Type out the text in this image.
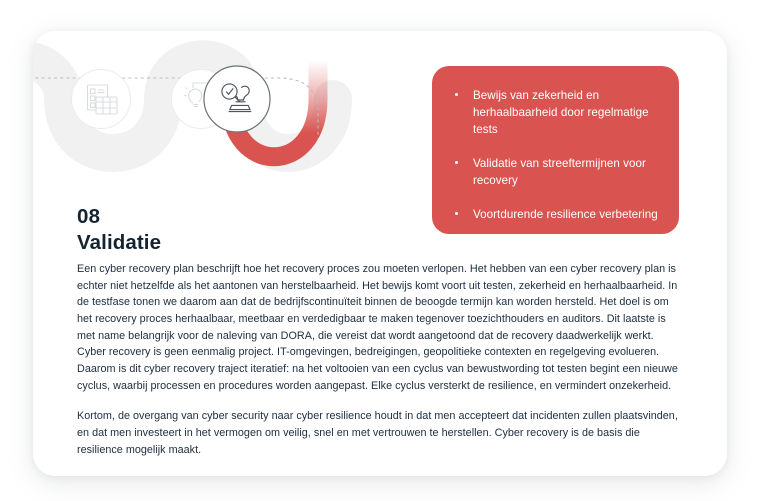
Bewijs van zekerheid en herhaalbaarheid door regelmatige tests
Validatie van streeftermijnen voor recovery
Voortdurende resilience verbetering
08
Validatie

Een cyber recovery plan beschrijft hoe het recovery proces zou moeten verlopen. Het hebben van een cyber recovery plan is echter niet hetzelfde als het aantonen van herstelbaarheid. Het bewijs komt voort uit testen, zekerheid en herhaalbaarheid. In de testfase tonen we daarom aan dat de bedrijfscontinuïteit binnen de beoogde termijn kan worden hersteld. Het doel is om het recovery proces herhaalbaar, meetbaar en verdedigbaar te maken tegenover toezichthouders en auditors. Dit laatste is met name belangrijk voor de naleving van DORA, die vereist dat wordt aangetoond dat de recovery daadwerkelijk werkt.

Cyber recovery is geen eenmalig project. IT-omgevingen, bedreigingen, geopolitieke contexten en regelgeving evolueren. Daarom is dit cyber recovery traject iteratief: na het voltooien van een cyclus van bewustwording tot testen begint een nieuwe cyclus, waarbij processen en procedures worden aangepast. Elke cyclus versterkt de resilience, en vermindert onzekerheid.

Kortom, de overgang van cyber security naar cyber resilience houdt in dat men accepteert dat incidenten zullen plaatsvinden, en dat men investeert in het vermogen om veilig, snel en met vertrouwen te herstellen. Cyber recovery is de basis die resilience mogelijk maakt.
